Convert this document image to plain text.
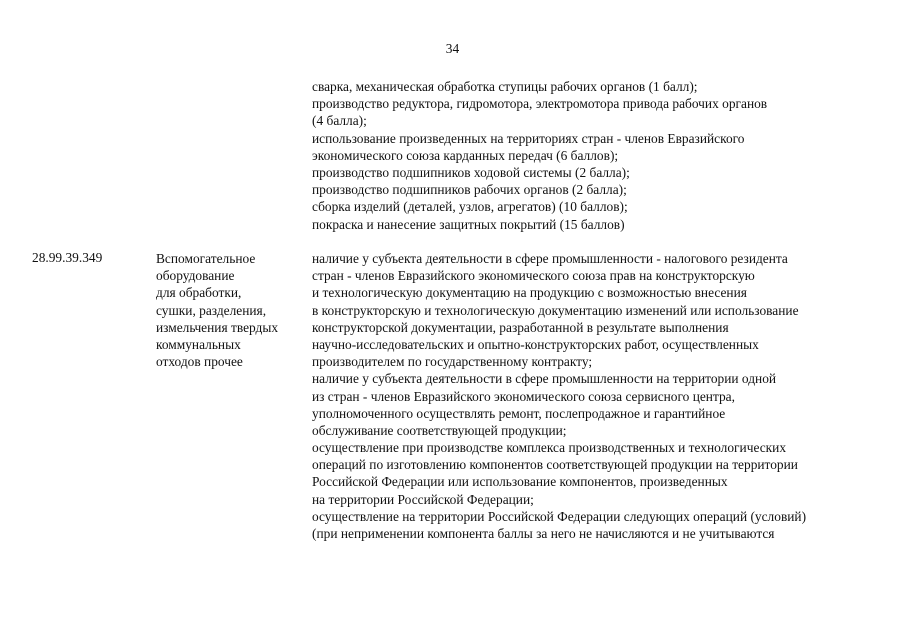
34
сварка, механическая обработка ступицы рабочих органов (1 балл);
производство редуктора, гидромотора, электромотора привода рабочих органов
(4 балла);
использование произведенных на территориях стран - членов Евразийского
экономического союза карданных передач (6 баллов);
производство подшипников ходовой системы (2 балла);
производство подшипников рабочих органов (2 балла);
сборка изделий (деталей, узлов, агрегатов) (10 баллов);
покраска и нанесение защитных покрытий (15 баллов)
28.99.39.349	Вспомогательное
оборудование
для обработки,
сушки, разделения,
измельчения твердых
коммунальных
отходов прочее
наличие у субъекта деятельности в сфере промышленности - налогового резидента
стран - членов Евразийского экономического союза прав на конструкторскую
и технологическую документацию на продукцию с возможностью внесения
в конструкторскую и технологическую документацию изменений или использование
конструкторской документации, разработанной в результате выполнения
научно-исследовательских и опытно-конструкторских работ, осуществленных
производителем по государственному контракту;
наличие у субъекта деятельности в сфере промышленности на территории одной
из стран - членов Евразийского экономического союза сервисного центра,
уполномоченного осуществлять ремонт, послепродажное и гарантийное
обслуживание соответствующей продукции;
осуществление при производстве комплекса производственных и технологических
операций по изготовлению компонентов соответствующей продукции на территории
Российской Федерации или использование компонентов, произведенных
на территории Российской Федерации;
осуществление на территории Российской Федерации следующих операций (условий)
(при неприменении компонента баллы за него не начисляются и не учитываются
